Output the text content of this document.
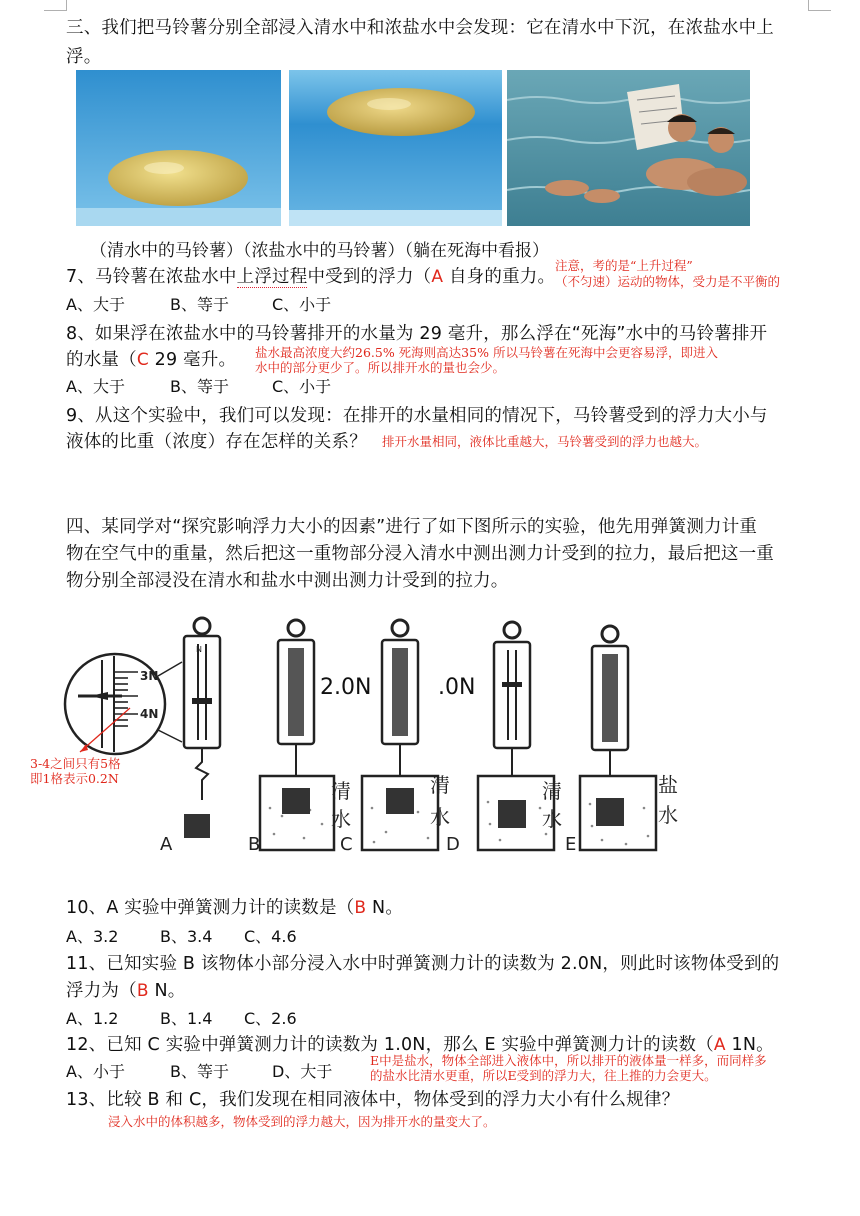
三、我们把马铃薯分别全部浸入清水中和浓盐水中会发现：它在清水中下沉，在浓盐水中上
浮。
（清水中的马铃薯）（浓盐水中的马铃薯）（躺在死海中看报）
7、马铃薯在浓盐水中上浮过程中受到的浮力（A 自身的重力。
注意，考的是“上升过程”
（不匀速）运动的物体，受力是不平衡的
A、大于	B、等于	C、小于
8、如果浮在浓盐水中的马铃薯排开的水量为 29 毫升，那么浮在“死海”水中的马铃薯排开
的水量（C 29 毫升。 盐水最高浓度大约26.5% 死海则高达35% 所以马铃薯在死海中会更容易浮，即进入
水中的部分更少了。所以排开水的量也会少。
A、大于	B、等于	C、小于
9、从这个实验中，我们可以发现：在排开的水量相同的情况下，马铃薯受到的浮力大小与
液体的比重（浓度）存在怎样的关系？ 排开水量相同，液体比重越大，马铃薯受到的浮力也越大。
四、某同学对“探究影响浮力大小的因素”进行了如下图所示的实验，他先用弹簧测力计重
物在空气中的重量，然后把这一重物部分浸入清水中测出测力计受到的拉力，最后把这一重
物分别全部浸没在清水和盐水中测出测力计受到的拉力。
3N
4N
N
A	B
2.0N
C
清
水
.0N
D
清
水
E
清
水
盐
水
3-4之间只有5格
即1格表示0.2N
10、A 实验中弹簧测力计的读数是（B N。
A、3.2	B、3.4 C、4.6
11、已知实验 B 该物体小部分浸入水中时弹簧测力计的读数为 2.0N，则此时该物体受到的
浮力为（B N。
A、1.2	B、1.4 C、2.6
12、已知 C 实验中弹簧测力计的读数为 1.0N，那么 E 实验中弹簧测力计的读数（A 1N。
A、小于	B、等于	D、大于
E中是盐水，物体全部进入液体中，所以排开的液体量一样多，而同样多
的盐水比清水更重，所以E受到的浮力大，往上推的力会更大。
13、比较 B 和 C，我们发现在相同液体中，物体受到的浮力大小有什么规律？
浸入水中的体积越多，物体受到的浮力越大，因为排开水的量变大了。
